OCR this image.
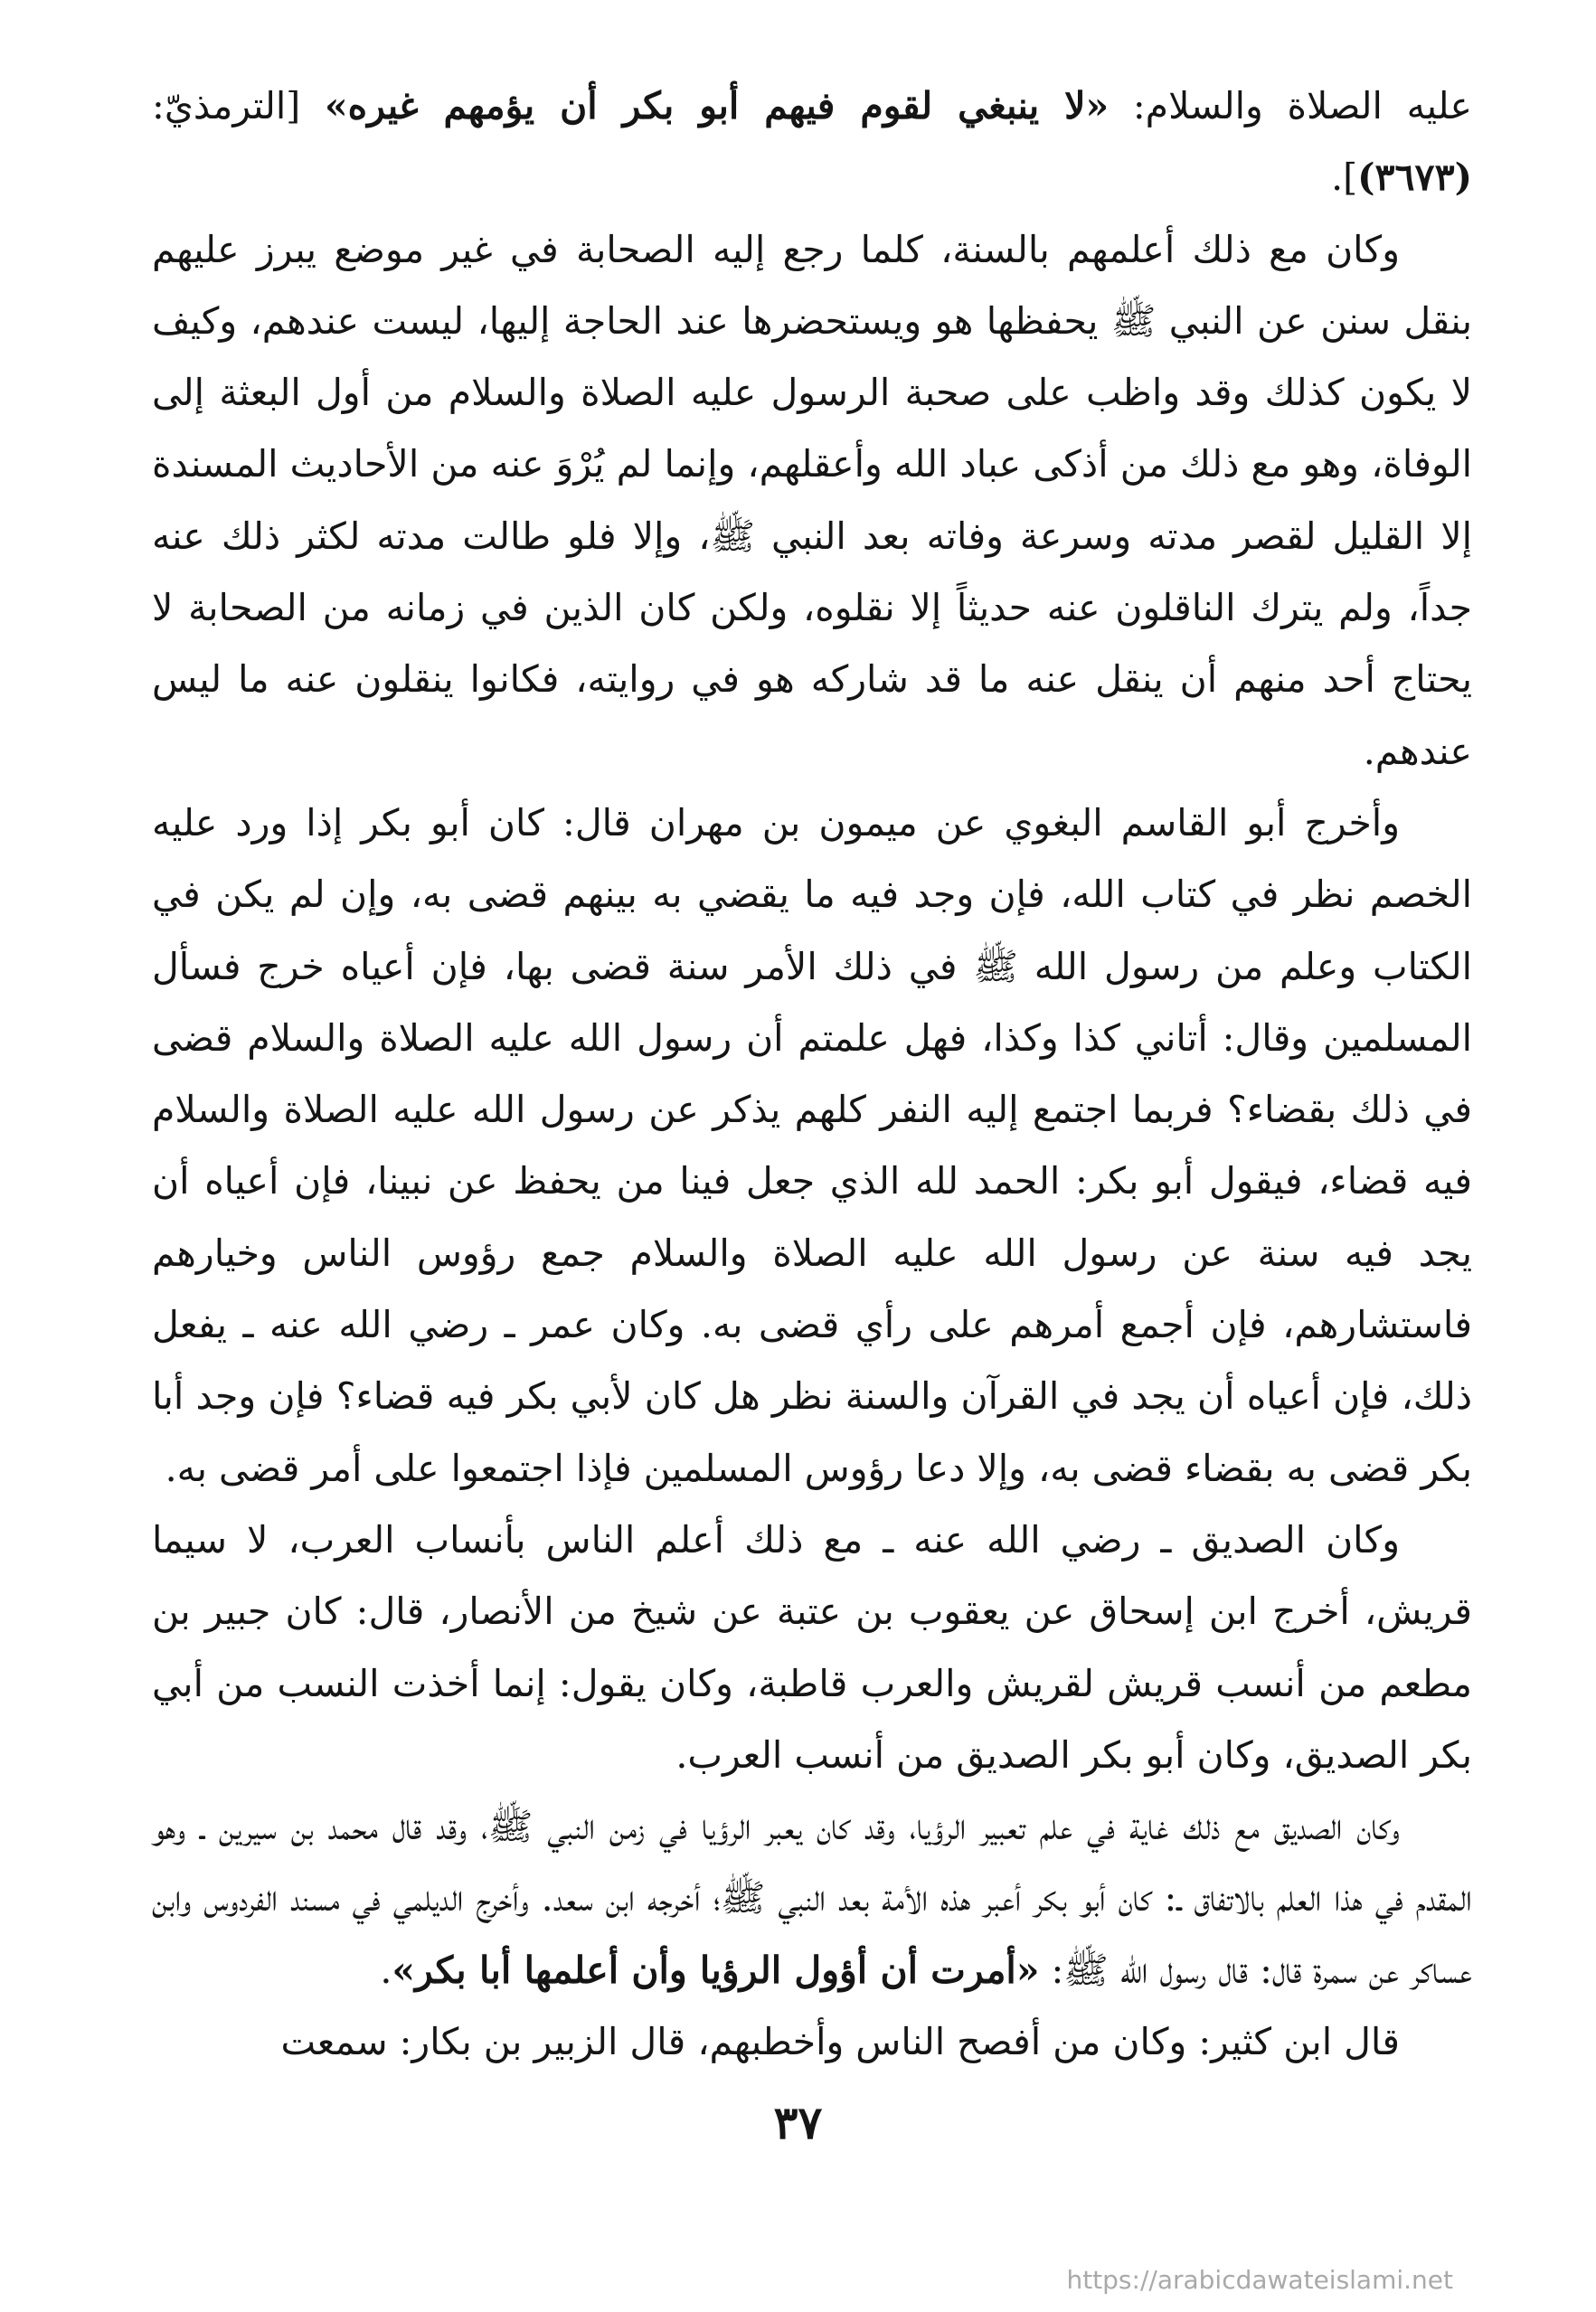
عليه الصلاة والسلام: «لا ينبغي لقوم فيهم أبو بكر أن يؤمهم غيره» [الترمذيّ: (٣٦٧٣)].

وكان مع ذلك أعلمهم بالسنة، كلما رجع إليه الصحابة في غير موضع يبرز عليهم بنقل سنن عن النبي ﷺ يحفظها هو ويستحضرها عند الحاجة إليها، ليست عندهم، وكيف لا يكون كذلك وقد واظب على صحبة الرسول عليه الصلاة والسلام من أول البعثة إلى الوفاة، وهو مع ذلك من أذكى عباد الله وأعقلهم، وإنما لم يُرْوَ عنه من الأحاديث المسندة إلا القليل لقصر مدته وسرعة وفاته بعد النبي ﷺ، وإلا فلو طالت مدته لكثر ذلك عنه جداً، ولم يترك الناقلون عنه حديثاً إلا نقلوه، ولكن كان الذين في زمانه من الصحابة لا يحتاج أحد منهم أن ينقل عنه ما قد شاركه هو في روايته، فكانوا ينقلون عنه ما ليس عندهم.

وأخرج أبو القاسم البغوي عن ميمون بن مهران قال: كان أبو بكر إذا ورد عليه الخصم نظر في كتاب الله، فإن وجد فيه ما يقضي به بينهم قضى به، وإن لم يكن في الكتاب وعلم من رسول الله ﷺ في ذلك الأمر سنة قضى بها، فإن أعياه خرج فسأل المسلمين وقال: أتاني كذا وكذا، فهل علمتم أن رسول الله عليه الصلاة والسلام قضى في ذلك بقضاء؟ فربما اجتمع إليه النفر كلهم يذكر عن رسول الله عليه الصلاة والسلام فيه قضاء، فيقول أبو بكر: الحمد لله الذي جعل فينا من يحفظ عن نبينا، فإن أعياه أن يجد فيه سنة عن رسول الله عليه الصلاة والسلام جمع رؤوس الناس وخيارهم فاستشارهم، فإن أجمع أمرهم على رأي قضى به. وكان عمر ـ رضي الله عنه ـ يفعل ذلك، فإن أعياه أن يجد في القرآن والسنة نظر هل كان لأبي بكر فيه قضاء؟ فإن وجد أبا بكر قضى به بقضاء قضى به، وإلا دعا رؤوس المسلمين فإذا اجتمعوا على أمر قضى به.

وكان الصديق ـ رضي الله عنه ـ مع ذلك أعلم الناس بأنساب العرب، لا سيما قريش، أخرج ابن إسحاق عن يعقوب بن عتبة عن شيخ من الأنصار، قال: كان جبير بن مطعم من أنسب قريش لقريش والعرب قاطبة، وكان يقول: إنما أخذت النسب من أبي بكر الصديق، وكان أبو بكر الصديق من أنسب العرب.

وكان الصديق مع ذلك غاية في علم تعبير الرؤيا، وقد كان يعبر الرؤيا في زمن النبي ﷺ، وقد قال محمد بن سيرين ـ وهو المقدم في هذا العلم بالاتفاق ـ: كان أبو بكر أعبر هذه الأمة بعد النبي ﷺ؛ أخرجه ابن سعد. وأخرج الديلمي في مسند الفردوس وابن عساكر عن سمرة قال: قال رسول الله ﷺ: «أمرت أن أؤول الرؤيا وأن أعلمها أبا بكر».

قال ابن كثير: وكان من أفصح الناس وأخطبهم، قال الزبير بن بكار: سمعت

٣٧
https://arabicdawateislami.net
